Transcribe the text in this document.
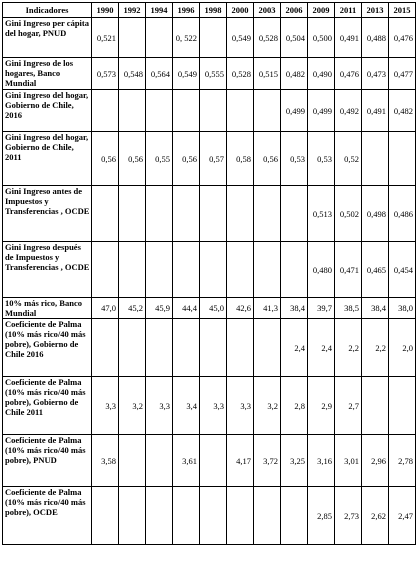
Indicadores	1990	1992	1994	1996	1998	2000	2003	2006	2009	2011	2013	2015
Gini Ingreso per cápita del hogar, PNUD	0,521			0, 522		0,549	0,528	0,504	0,500	0,491	0,488	0,476
Gini Ingreso de los hogares, Banco Mundial	0,573	0,548	0,564	0,549	0,555	0,528	0,515	0,482	0,490	0,476	0,473	0,477
Gini Ingreso del hogar, Gobierno de Chile, 2016								0,499	0,499	0,492	0,491	0,482
Gini Ingreso del hogar, Gobierno de Chile, 2011	0,56	0,56	0,55	0,56	0,57	0,58	0,56	0,53	0,53	0,52		
Gini Ingreso antes de Impuestos y Transferencias , OCDE									0,513	0,502	0,498	0,486
Gini Ingreso después de Impuestos y Transferencias , OCDE									0,480	0,471	0,465	0,454
10% más rico, Banco Mundial	47,0	45,2	45,9	44,4	45,0	42,6	41,3	38,4	39,7	38,5	38,4	38,0
Coeficiente de Palma (10% más rico/40 más pobre), Gobierno de Chile 2016								2,4	2,4	2,2	2,2	2,0
Coeficiente de Palma (10% más rico/40 más pobre), Gobierno de Chile 2011	3,3	3,2	3,3	3,4	3,3	3,3	3,2	2,8	2,9	2,7		
Coeficiente de Palma (10% más rico/40 más pobre), PNUD	3,58			3,61		4,17	3,72	3,25	3,16	3,01	2,96	2,78
Coeficiente de Palma (10% más rico/40 más pobre), OCDE									2,85	2,73	2,62	2,47
